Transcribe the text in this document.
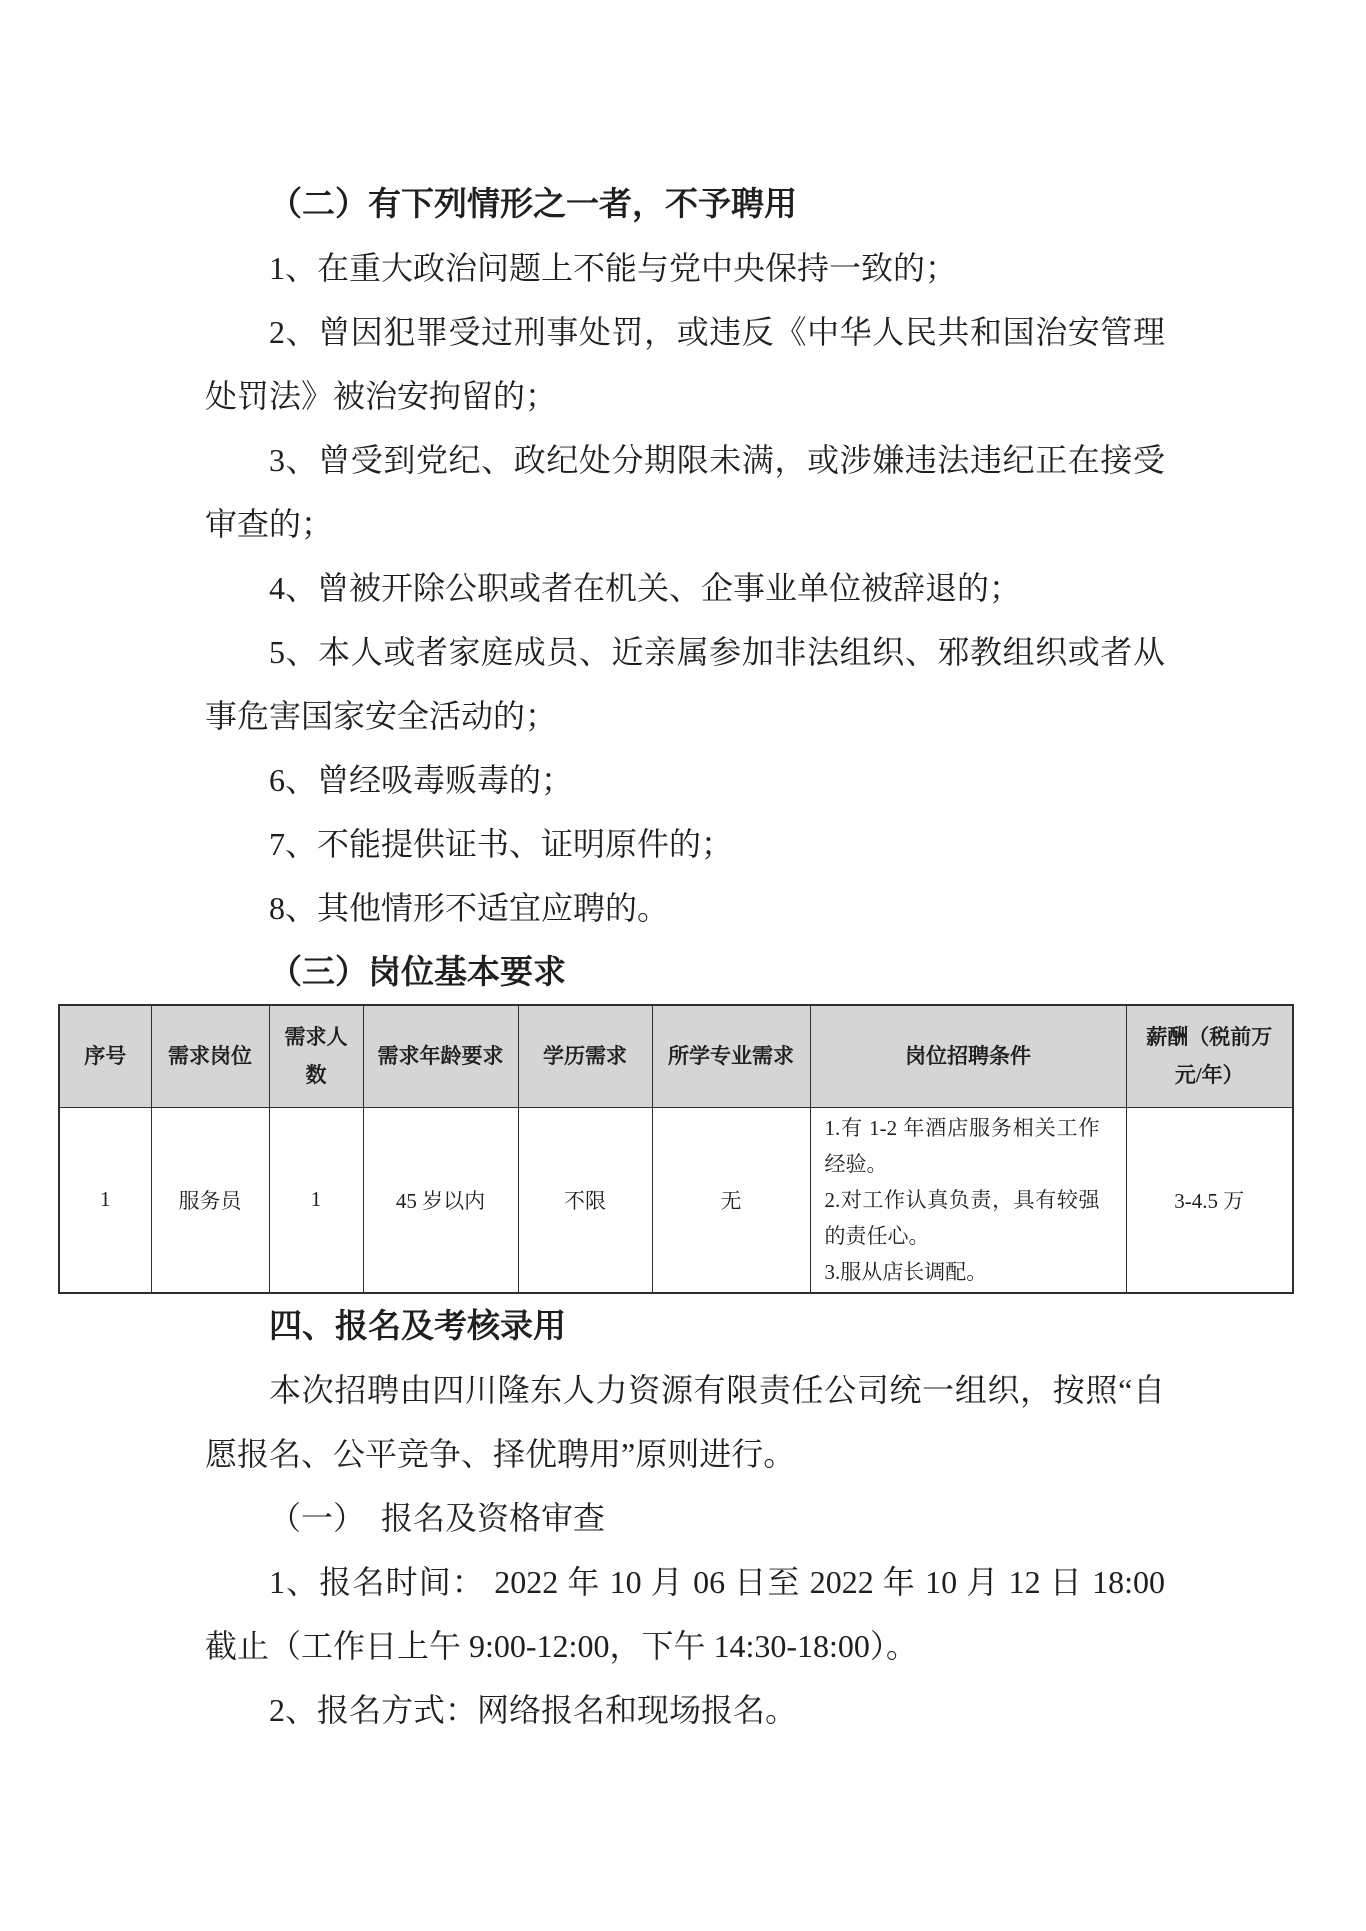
（二）有下列情形之一者，不予聘用

1、在重大政治问题上不能与党中央保持一致的；

2、曾因犯罪受过刑事处罚，或违反《中华人民共和国治安管理处罚法》被治安拘留的；

3、曾受到党纪、政纪处分期限未满，或涉嫌违法违纪正在接受审查的；

4、曾被开除公职或者在机关、企事业单位被辞退的；

5、本人或者家庭成员、近亲属参加非法组织、邪教组织或者从事危害国家安全活动的；

6、曾经吸毒贩毒的；

7、不能提供证书、证明原件的；

8、其他情形不适宜应聘的。

（三）岗位基本要求
序号	需求岗位	需求人数	需求年龄要求	学历需求	所学专业需求	岗位招聘条件	薪酬（税前万元/年）
1	服务员	1	45 岁以内	不限	无	1.有 1-2 年酒店服务相关工作经验。
2.对工作认真负责，具有较强的责任心。
3.服从店长调配。	3-4.5 万
四、报名及考核录用

本次招聘由四川隆东人力资源有限责任公司统一组织，按照“自愿报名、公平竞争、择优聘用”原则进行。

（一）　报名及资格审查

1、报名时间： 2022 年 10 月 06 日至 2022 年 10 月 12 日 18:00 截止（工作日上午 9:00-12:00，下午 14:30-18:00）。

2、报名方式：网络报名和现场报名。
